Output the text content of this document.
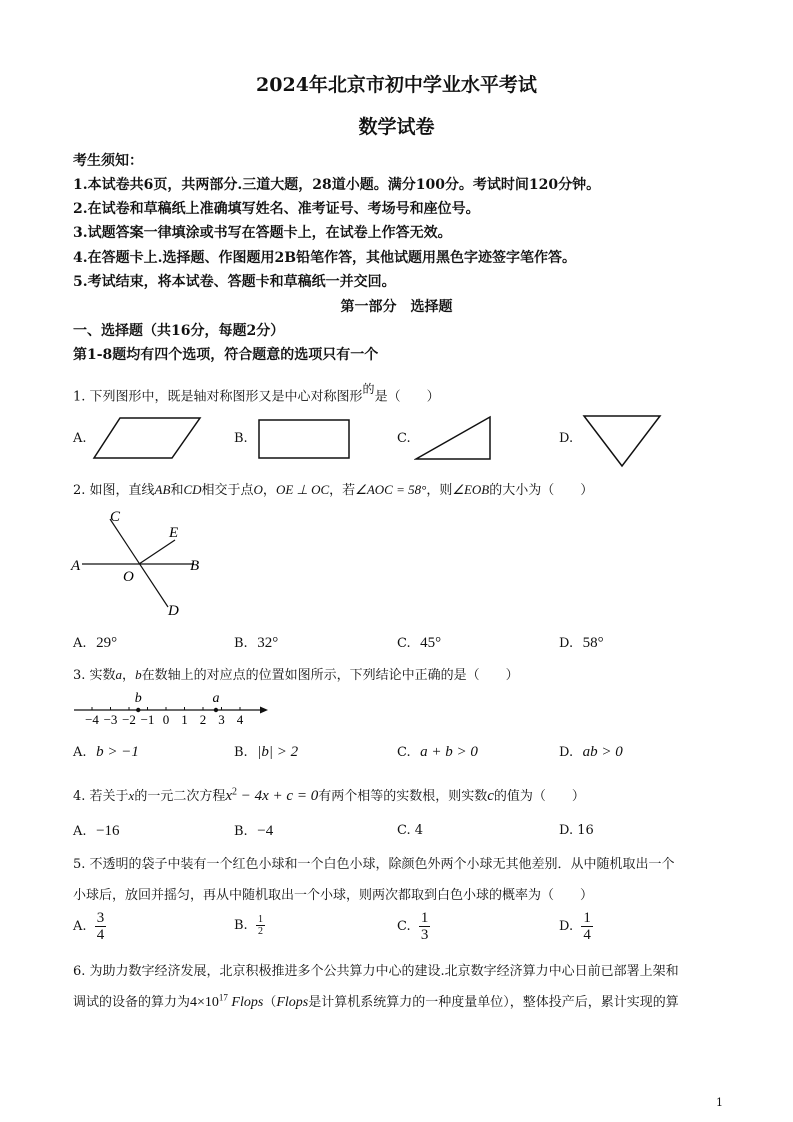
2024年北京市初中学业水平考试
数学试卷
考生须知：
1.本试卷共6页，共两部分.三道大题，28道小题。满分100分。考试时间120分钟。
2.在试卷和草稿纸上准确填写姓名、准考证号、考场号和座位号。
3.试题答案一律填涂或书写在答题卡上，在试卷上作答无效。
4.在答题卡上.选择题、作图题用2B铅笔作答，其他试题用黑色字迹签字笔作答。
5.考试结束，将本试卷、答题卡和草稿纸一并交回。
第一部分　选择题
一、选择题（共16分，每题2分）
第1-8题均有四个选项，符合题意的选项只有一个
1. 下列图形中，既是轴对称图形又是中心对称图形$^的$是（　　）
A.	B.	C.	D.
2. 如图，直线AB和CD相交于点O，OE ⊥ OC，若∠AOC = 58°，则∠EOB的大小为（　　）
C
E
A
O
B
D
A. 29°	B. 32°	C. 45°	D. 58°
3. 实数a，b在数轴上的对应点的位置如图所示，下列结论中正确的是（　　）
−4 −3 −2 −1 0 1 2 3 4
b	a
A. b > −1	B. |b| > 2	C. a + b > 0	D. ab > 0
4. 若关于x的一元二次方程$x^2 - 4x + c = 0$有两个相等的实数根，则实数c的值为（　　）
A. −16	B. −4	C. 4	D. 16
5. 不透明的袋子中装有一个红色小球和一个白色小球，除颜色外两个小球无其他差别．从中随机取出一个
小球后，放回并摇匀，再从中随机取出一个小球，则两次都取到白色小球的概率为（　　）
A. $\frac{3}{4}$	B. $\frac{1}{2}$	C. $\frac{1}{3}$	D. $\frac{1}{4}$
6. 为助力数字经济发展，北京积极推进多个公共算力中心的建设.北京数字经济算力中心日前已部署上架和
调试的设备的算力为$4\times 10^{17}$ Flops（Flops是计算机系统算力的一种度量单位），整体投产后，累计实现的算
1
